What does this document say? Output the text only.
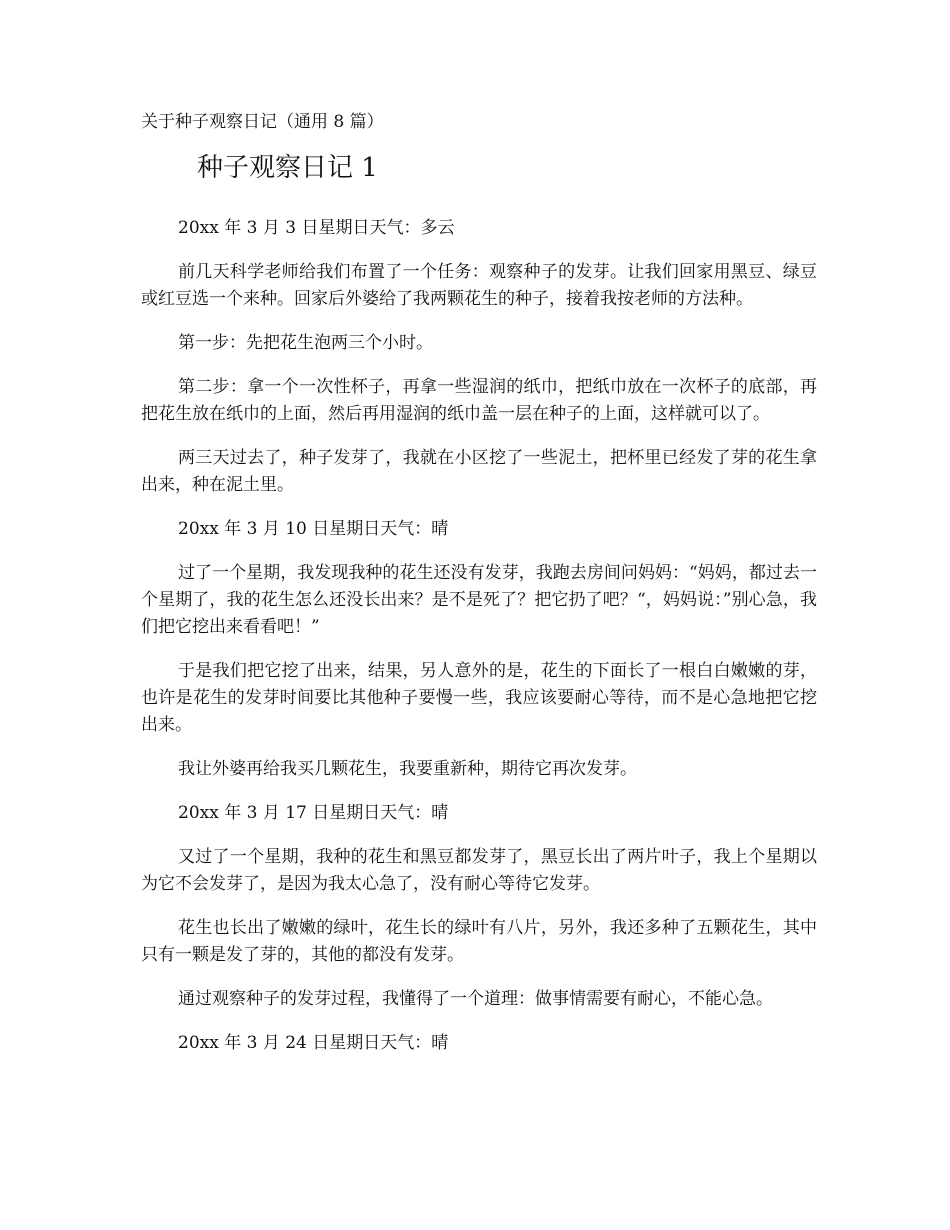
关于种子观察日记（通用 8 篇）
种子观察日记 1

20xx 年 3 月 3 日星期日天气：多云

前几天科学老师给我们布置了一个任务：观察种子的发芽。让我们回家用黑豆、绿豆或红豆选一个来种。回家后外婆给了我两颗花生的种子，接着我按老师的方法种。

第一步：先把花生泡两三个小时。

第二步：拿一个一次性杯子，再拿一些湿润的纸巾，把纸巾放在一次杯子的底部，再把花生放在纸巾的上面，然后再用湿润的纸巾盖一层在种子的上面，这样就可以了。

两三天过去了，种子发芽了，我就在小区挖了一些泥土，把杯里已经发了芽的花生拿出来，种在泥土里。

20xx 年 3 月 10 日星期日天气：晴

过了一个星期，我发现我种的花生还没有发芽，我跑去房间问妈妈：“妈妈，都过去一个星期了，我的花生怎么还没长出来？是不是死了？把它扔了吧？“，妈妈说：”别心急，我们把它挖出来看看吧！”

于是我们把它挖了出来，结果，另人意外的是，花生的下面长了一根白白嫩嫩的芽，也许是花生的发芽时间要比其他种子要慢一些，我应该要耐心等待，而不是心急地把它挖出来。

我让外婆再给我买几颗花生，我要重新种，期待它再次发芽。

20xx 年 3 月 17 日星期日天气：晴

又过了一个星期，我种的花生和黑豆都发芽了，黑豆长出了两片叶子，我上个星期以为它不会发芽了，是因为我太心急了，没有耐心等待它发芽。

花生也长出了嫩嫩的绿叶，花生长的绿叶有八片，另外，我还多种了五颗花生，其中只有一颗是发了芽的，其他的都没有发芽。

通过观察种子的发芽过程，我懂得了一个道理：做事情需要有耐心，不能心急。

20xx 年 3 月 24 日星期日天气：晴
